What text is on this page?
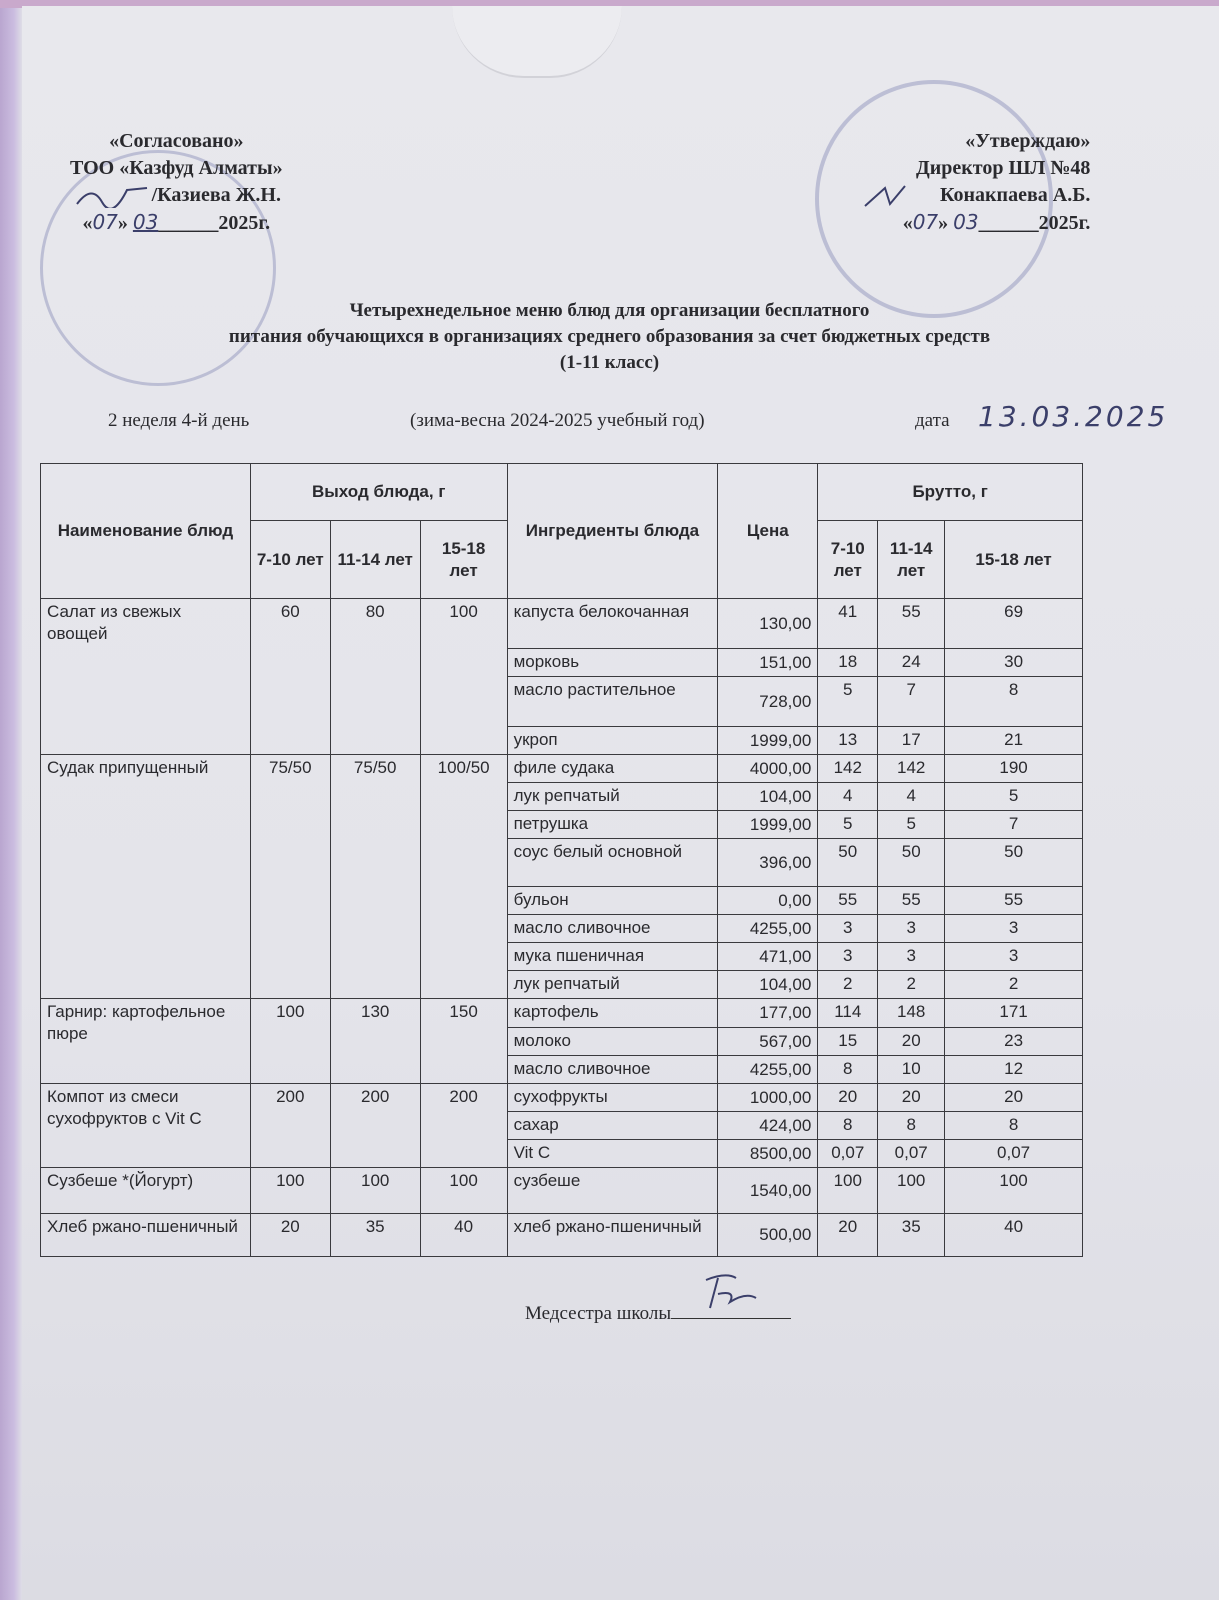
«Согласовано»
ТОО «Казфуд Алматы»
/Казиева Ж.Н.
«07» 03______2025г.
«Утверждаю»
Директор ШЛ №48
Конакпаева А.Б.
«07» 03______2025г.
Четырехнедельное меню блюд для организации бесплатного
питания обучающихся в организациях среднего образования за счет бюджетных средств
(1-11 класс)
2 неделя 4-й день	(зима-весна 2024-2025 учебный год)	дата 13.03.2025
Наименование блюд	Выход блюда, г			Ингредиенты блюда	Цена	Брутто, г		
	7-10 лет	11-14 лет	15-18 лет			7-10 лет	11-14 лет	15-18 лет
Салат из свежых овощей	60	80	100	капуста белокочанная	130,00	41	55	69
				морковь	151,00	18	24	30
				масло растительное	728,00	5	7	8
				укроп	1999,00	13	17	21
Судак припущенный	75/50	75/50	100/50	филе судака	4000,00	142	142	190
				лук репчатый	104,00	4	4	5
				петрушка	1999,00	5	5	7
				соус белый основной	396,00	50	50	50
				бульон	0,00	55	55	55
				масло сливочное	4255,00	3	3	3
				мука пшеничная	471,00	3	3	3
				лук репчатый	104,00	2	2	2
Гарнир: картофельное пюре	100	130	150	картофель	177,00	114	148	171
				молоко	567,00	15	20	23
				масло сливочное	4255,00	8	10	12
Компот из смеси сухофруктов с Vit C	200	200	200	сухофрукты	1000,00	20	20	20
				сахар	424,00	8	8	8
				Vit C	8500,00	0,07	0,07	0,07
Сузбеше *(Йогурт)	100	100	100	сузбеше	1540,00	100	100	100
Хлеб ржано-пшеничный	20	35	40	хлеб ржано-пшеничный	500,00	20	35	40
Медсестра школы
